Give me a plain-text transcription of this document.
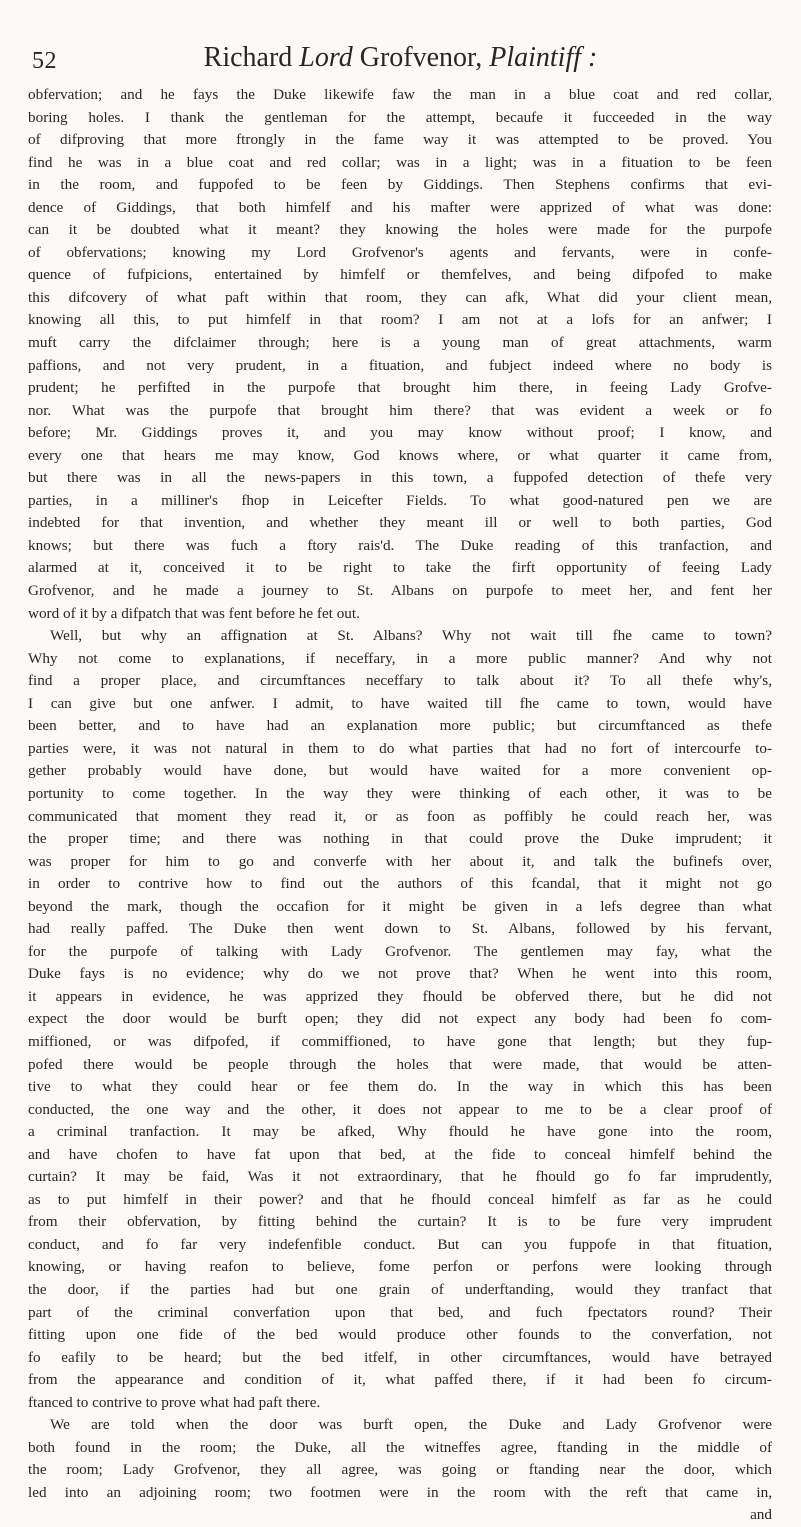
52	Richard Lord Grofvenor, Plaintiff :
obfervation; and he fays the Duke likewife faw the man in a blue coat and red collar,
boring holes. I thank the gentleman for the attempt, becaufe it fucceeded in the way
of difproving that more ftrongly in the fame way it was attempted to be proved. You
find he was in a blue coat and red collar; was in a light; was in a fituation to be feen
in the room, and fuppofed to be feen by Giddings. Then Stephens confirms that evi-
dence of Giddings, that both himfelf and his mafter were apprized of what was done:
can it be doubted what it meant? they knowing the holes were made for the purpofe
of obfervations; knowing my Lord Grofvenor's agents and fervants, were in confe-
quence of fufpicions, entertained by himfelf or themfelves, and being difpofed to make
this difcovery of what paft within that room, they can afk, What did your client mean,
knowing all this, to put himfelf in that room? I am not at a lofs for an anfwer; I
muft carry the difclaimer through; here is a young man of great attachments, warm
paffions, and not very prudent, in a fituation, and fubject indeed where no body is
prudent; he perfifted in the purpofe that brought him there, in feeing Lady Grofve-
nor. What was the purpofe that brought him there? that was evident a week or fo
before; Mr. Giddings proves it, and you may know without proof; I know, and
every one that hears me may know, God knows where, or what quarter it came from,
but there was in all the news-papers in this town, a fuppofed detection of thefe very
parties, in a milliner's fhop in Leicefter Fields. To what good-natured pen we are
indebted for that invention, and whether they meant ill or well to both parties, God
knows; but there was fuch a ftory rais'd. The Duke reading of this tranfaction, and
alarmed at it, conceived it to be right to take the firft opportunity of feeing Lady
Grofvenor, and he made a journey to St. Albans on purpofe to meet her, and fent her
word of it by a difpatch that was fent before he fet out.
Well, but why an affignation at St. Albans? Why not wait till fhe came to town?
Why not come to explanations, if neceffary, in a more public manner? And why not
find a proper place, and circumftances neceffary to talk about it? To all thefe why's,
I can give but one anfwer. I admit, to have waited till fhe came to town, would have
been better, and to have had an explanation more public; but circumftanced as thefe
parties were, it was not natural in them to do what parties that had no fort of intercourfe to-
gether probably would have done, but would have waited for a more convenient op-
portunity to come together. In the way they were thinking of each other, it was to be
communicated that moment they read it, or as foon as poffibly he could reach her, was
the proper time; and there was nothing in that could prove the Duke imprudent; it
was proper for him to go and converfe with her about it, and talk the bufinefs over,
in order to contrive how to find out the authors of this fcandal, that it might not go
beyond the mark, though the occafion for it might be given in a lefs degree than what
had really paffed. The Duke then went down to St. Albans, followed by his fervant,
for the purpofe of talking with Lady Grofvenor. The gentlemen may fay, what the
Duke fays is no evidence; why do we not prove that? When he went into this room,
it appears in evidence, he was apprized they fhould be obferved there, but he did not
expect the door would be burft open; they did not expect any body had been fo com-
miffioned, or was difpofed, if commiffioned, to have gone that length; but they fup-
pofed there would be people through the holes that were made, that would be atten-
tive to what they could hear or fee them do. In the way in which this has been
conducted, the one way and the other, it does not appear to me to be a clear proof of
a criminal tranfaction. It may be afked, Why fhould he have gone into the room,
and have chofen to have fat upon that bed, at the fide to conceal himfelf behind the
curtain? It may be faid, Was it not extraordinary, that he fhould go fo far imprudently,
as to put himfelf in their power? and that he fhould conceal himfelf as far as he could
from their obfervation, by fitting behind the curtain? It is to be fure very imprudent
conduct, and fo far very indefenfible conduct. But can you fuppofe in that fituation,
knowing, or having reafon to believe, fome perfon or perfons were looking through
the door, if the parties had but one grain of underftanding, would they tranfact that
part of the criminal converfation upon that bed, and fuch fpectators round? Their
fitting upon one fide of the bed would produce other founds to the converfation, not
fo eafily to be heard; but the bed itfelf, in other circumftances, would have betrayed
from the appearance and condition of it, what paffed there, if it had been fo circum-
ftanced to contrive to prove what had paft there.
We are told when the door was burft open, the Duke and Lady Grofvenor were
both found in the room; the Duke, all the witneffes agree, ftanding in the middle of
the room; Lady Grofvenor, they all agree, was going or ftanding near the door, which
led into an adjoining room; two footmen were in the room with the reft that came in,
and
